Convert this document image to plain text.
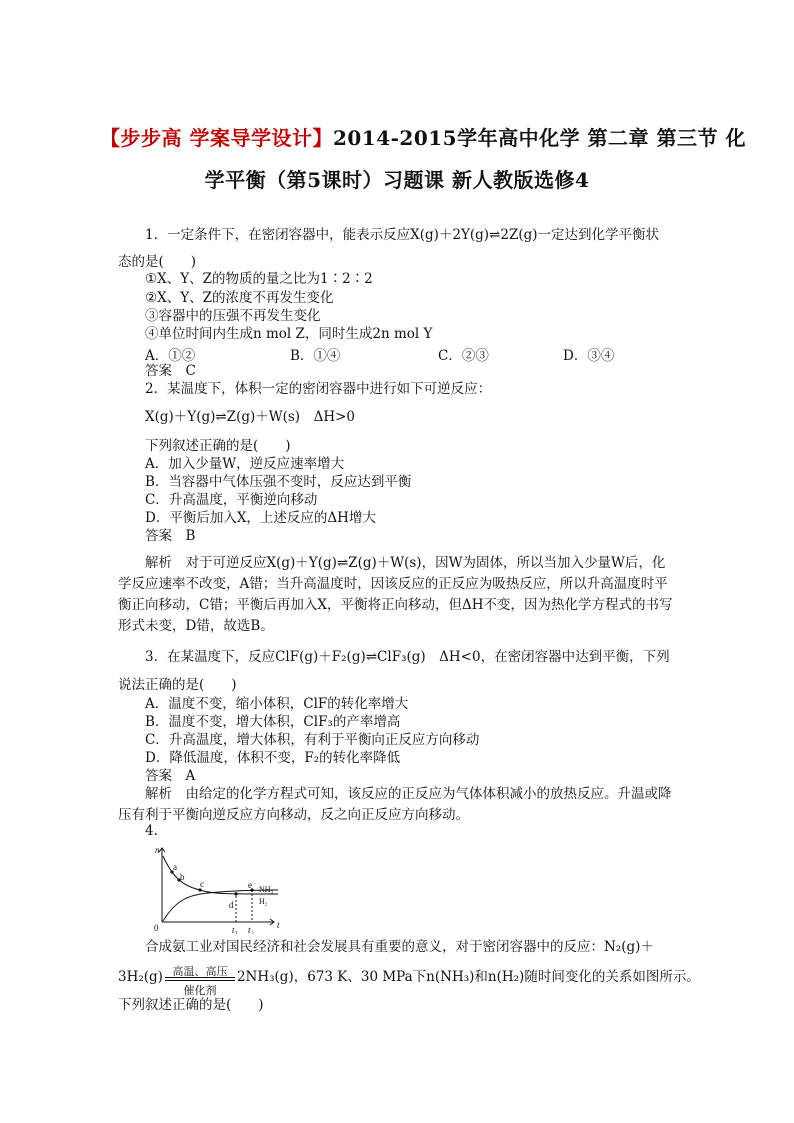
【步步高 学案导学设计】2014-2015学年高中化学 第二章 第三节 化
学平衡（第5课时）习题课 新人教版选修4
1．一定条件下，在密闭容器中，能表示反应X(g)＋2Y(g)⇌2Z(g)一定达到化学平衡状
态的是(　　)
①X、Y、Z的物质的量之比为1∶2∶2
②X、Y、Z的浓度不再发生变化
③容器中的压强不再发生变化
④单位时间内生成n mol Z，同时生成2n mol Y
A．①②	B．①④	C．②③	D．③④
答案　C
2．某温度下，体积一定的密闭容器中进行如下可逆反应：
X(g)＋Y(g)⇌Z(g)＋W(s)　ΔH>0
下列叙述正确的是(　　)
A．加入少量W，逆反应速率增大
B．当容器中气体压强不变时，反应达到平衡
C．升高温度，平衡逆向移动
D．平衡后加入X，上述反应的ΔH增大
答案　B
解析　对于可逆反应X(g)＋Y(g)⇌Z(g)＋W(s)，因W为固体，所以当加入少量W后，化学反应速率不改变，A错；当升高温度时，因该反应的正反应为吸热反应，所以升高温度时平衡正向移动，C错；平衡后再加入X，平衡将正向移动，但ΔH不变，因为热化学方程式的书写形式未变，D错，故选B。
3．在某温度下，反应ClF(g)＋F₂(g)⇌ClF₃(g)　ΔH<0，在密闭容器中达到平衡，下列
说法正确的是(　　)
A．温度不变，缩小体积，ClF的转化率增大
B．温度不变，增大体积，ClF₃的产率增高
C．升高温度，增大体积，有利于平衡向正反应方向移动
D．降低温度，体积不变，F₂的转化率降低
答案　A
解析　由给定的化学方程式可知，该反应的正反应为气体体积减小的放热反应。升温或降压有利于平衡向逆反应方向移动，反之向正反应方向移动。
4.
n
t
0
a
b
c
d
e
t₁ t₂
NH₃
H₂
合成氨工业对国民经济和社会发展具有重要的意义，对于密闭容器中的反应：N₂(g)＋
3H₂(g) 高温、高压
催化剂
2NH₃(g)，673 K、30 MPa下n(NH₃)和n(H₂)随时间变化的关系如图所示。
下列叙述正确的是(　　)
